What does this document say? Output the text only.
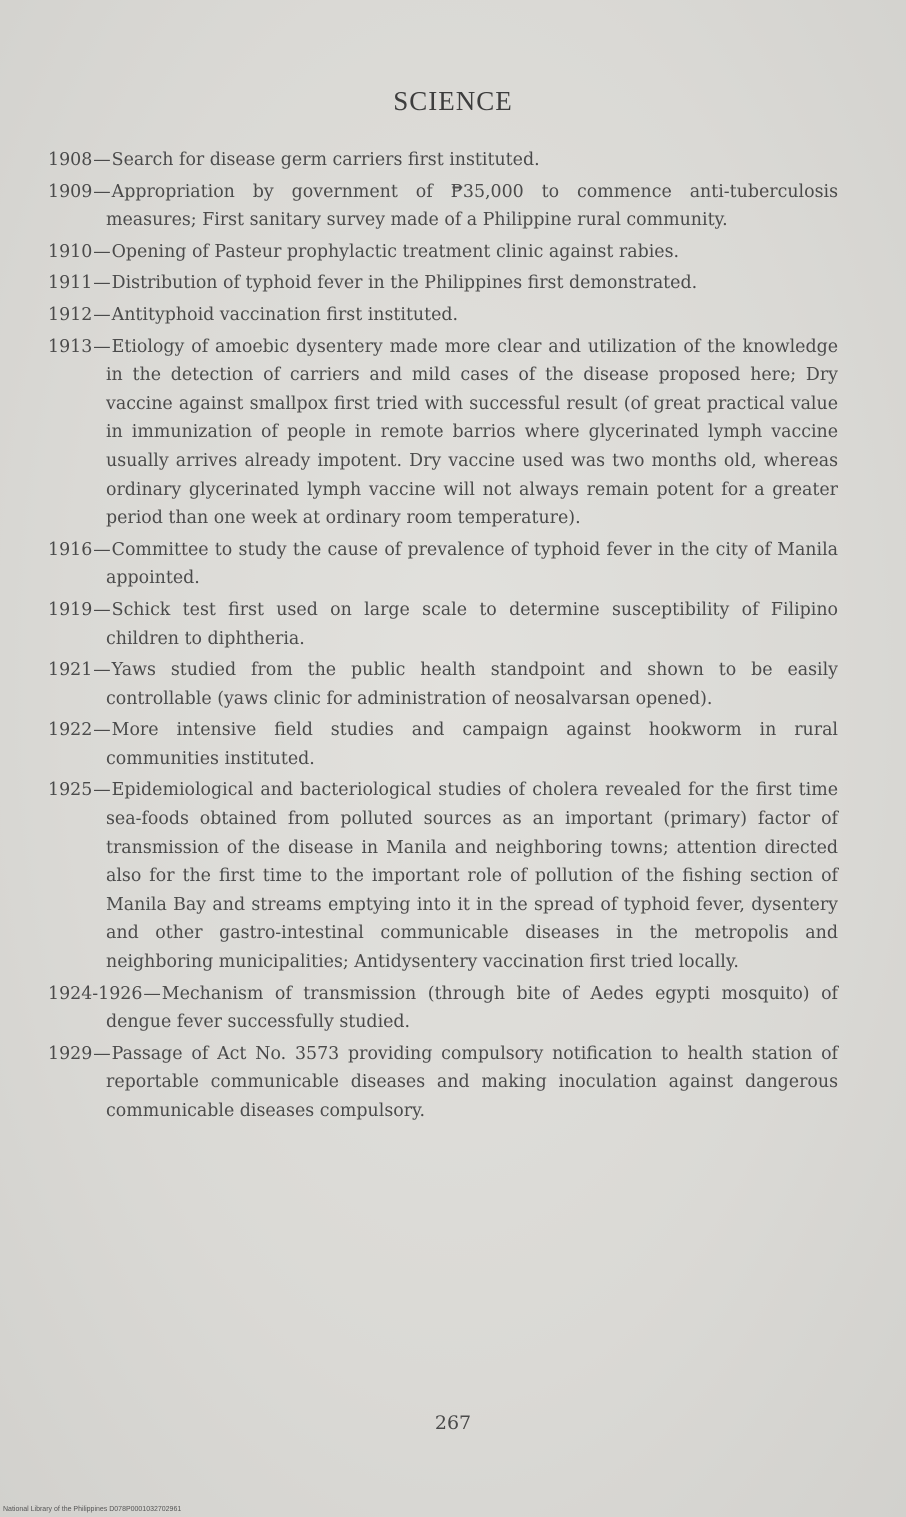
SCIENCE
1908—Search for disease germ carriers first instituted.
1909—Appropriation by government of ₱35,000 to commence anti-tuberculosis measures; First sanitary survey made of a Philippine rural community.
1910—Opening of Pasteur prophylactic treatment clinic against rabies.
1911—Distribution of typhoid fever in the Philippines first demonstrated.
1912—Antityphoid vaccination first instituted.
1913—Etiology of amoebic dysentery made more clear and utilization of the knowledge in the detection of carriers and mild cases of the disease proposed here; Dry vaccine against smallpox first tried with successful result (of great practical value in immunization of people in remote barrios where glycerinated lymph vaccine usually arrives already impotent. Dry vaccine used was two months old, whereas ordinary glycerinated lymph vaccine will not always remain potent for a greater period than one week at ordinary room temperature).
1916—Committee to study the cause of prevalence of typhoid fever in the city of Manila appointed.
1919—Schick test first used on large scale to determine susceptibility of Filipino children to diphtheria.
1921—Yaws studied from the public health standpoint and shown to be easily controllable (yaws clinic for administration of neosalvarsan opened).
1922—More intensive field studies and campaign against hookworm in rural communities instituted.
1925—Epidemiological and bacteriological studies of cholera revealed for the first time sea-foods obtained from polluted sources as an important (primary) factor of transmission of the disease in Manila and neighboring towns; attention directed also for the first time to the important role of pollution of the fishing section of Manila Bay and streams emptying into it in the spread of typhoid fever, dysentery and other gastro-intestinal communicable diseases in the metropolis and neighboring municipalities; Antidysentery vaccination first tried locally.
1924-1926—Mechanism of transmission (through bite of Aedes egypti mosquito) of dengue fever successfully studied.
1929—Passage of Act No. 3573 providing compulsory notification to health station of reportable communicable diseases and making inoculation against dangerous communicable diseases compulsory.
267
National Library of the Philippines D078P0001032702961
